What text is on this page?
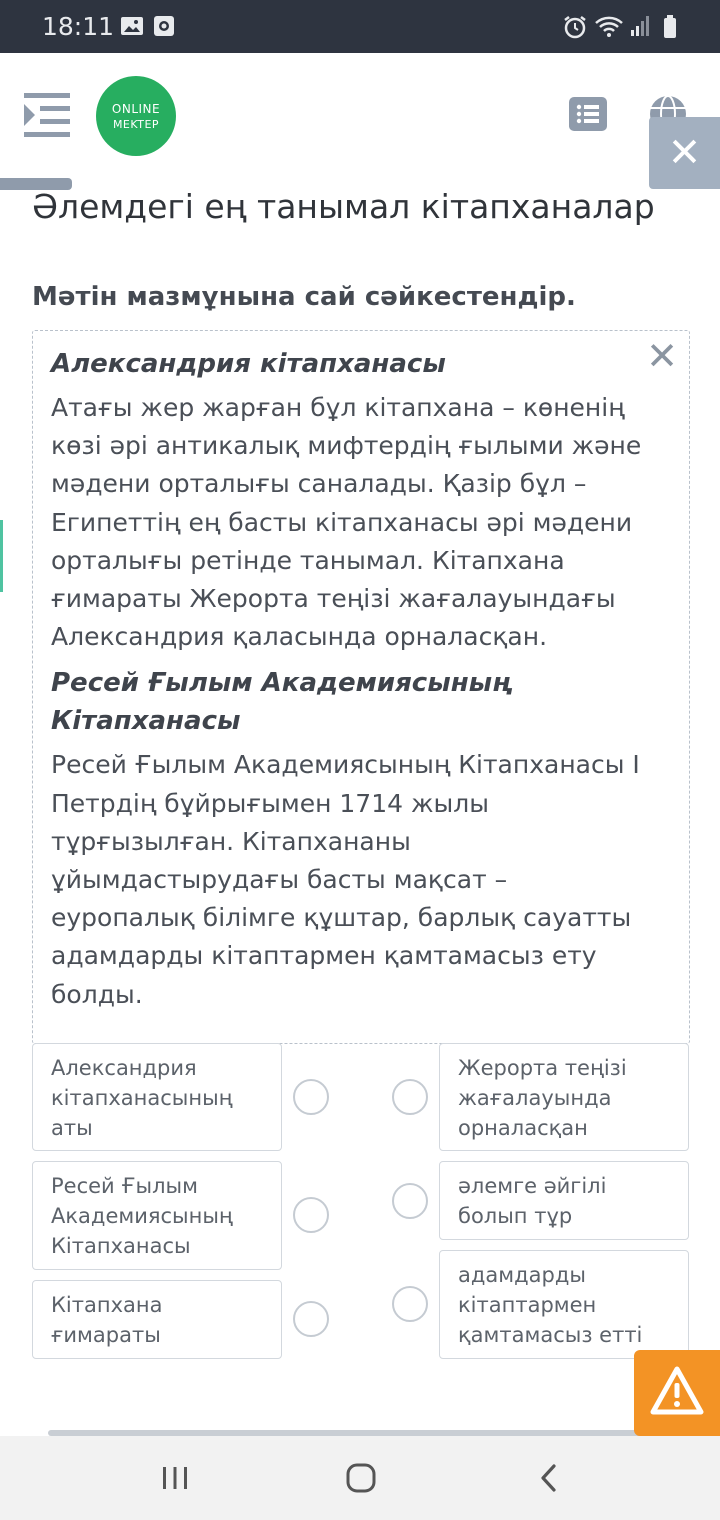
18:11
ONLINE
MEKTEP
✕
Әлемдегі ең танымал кітапханалар
Мәтін мазмұнына сай сәйкестендір.
✕

Александрия кітапханасы

Атағы жер жарған бұл кітапхана – көненің көзі әрі антикалық мифтердің ғылыми және мәдени орталығы саналады. Қазір бұл – Египеттің ең басты кітапханасы әрі мәдени орталығы ретінде танымал. Кітапхана ғимараты Жерорта теңізі жағалауындағы Александрия қаласында орналасқан.

Ресей Ғылым Академиясының Кітапханасы

Ресей Ғылым Академиясының Кітапханасы І Петрдің бұйрығымен 1714 жылы тұрғызылған. Кітапхананы ұйымдастырудағы басты мақсат – еуропалық білімге құштар, барлық сауатты адамдарды кітаптармен қамтамасыз ету болды.

Александрия кітапханасының аты
Ресей Ғылым Академиясының Кітапханасы
Кітапхана ғимараты
Жерорта теңізі жағалауында орналасқан
әлемге әйгілі болып тұр
адамдарды кітаптармен қамтамасыз етті
